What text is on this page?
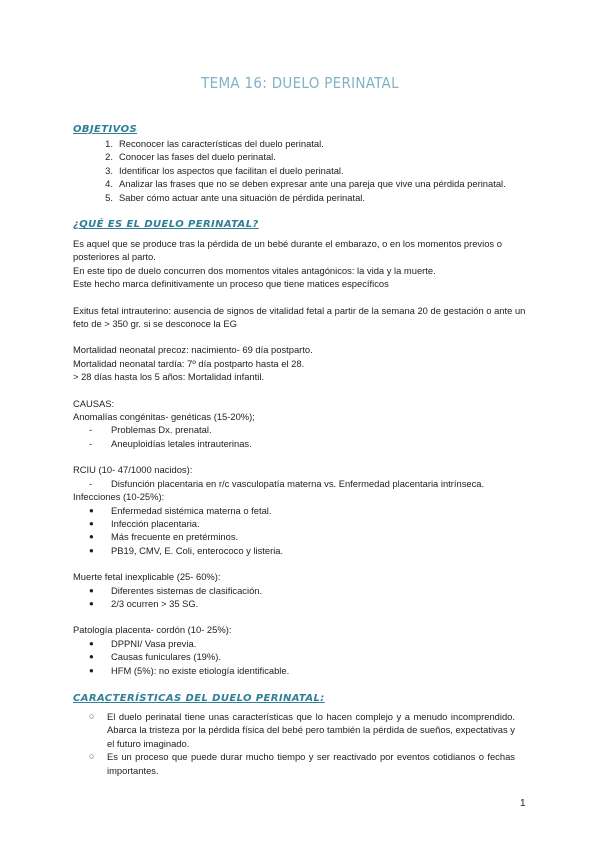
TEMA 16: DUELO PERINATAL
OBJETIVOS
1. Reconocer las características del duelo perinatal.
2. Conocer las fases del duelo perinatal.
3. Identificar los aspectos que facilitan el duelo perinatal.
4. Analizar las frases que no se deben expresar ante una pareja que vive una pérdida perinatal.
5. Saber cómo actuar ante una situación de pérdida perinatal.
¿QUÉ ES EL DUELO PERINATAL?

Es aquel que se produce tras la pérdida de un bebé durante el embarazo, o en los momentos previos o posteriores al parto.

En este tipo de duelo concurren dos momentos vitales antagónicos: la vida y la muerte.

Este hecho marca definitivamente un proceso que tiene matices específicos

Exitus fetal intrauterino: ausencia de signos de vitalidad fetal a partir de la semana 20 de gestación o ante un feto de > 350 gr. si se desconoce la EG

Mortalidad neonatal precoz: nacimiento- 69 día postparto.

Mortalidad neonatal tardía: 7º día postparto hasta el 28.

> 28 días hasta los 5 años: Mortalidad infantil.

CAUSAS:

Anomalías congénitas- genéticas (15-20%);

-	Problemas Dx. prenatal.
-	Aneuploidías letales intrauterinas.

RCIU (10- 47/1000 nacidos):

-	Disfunción placentaria en r/c vasculopatía materna vs. Enfermedad placentaria intrínseca.

Infecciones (10-25%):

●	Enfermedad sistémica materna o fetal.
●	Infección placentaria.
●	Más frecuente en pretérminos.
●	PB19, CMV, E. Coli, enterococo y listeria.

Muerte fetal inexplicable (25- 60%):

●	Diferentes sistemas de clasificación.
●	2/3 ocurren > 35 SG.

Patología placenta- cordón (10- 25%):

●	DPPNI/ Vasa previa.
●	Causas funiculares (19%).
●	HFM (5%): no existe etiología identificable.
CARACTERÍSTICAS DEL DUELO PERINATAL:
○	El duelo perinatal tiene unas características que lo hacen complejo y a menudo incomprendido. Abarca la tristeza por la pérdida física del bebé pero también la pérdida de sueños, expectativas y el futuro imaginado.
○	Es un proceso que puede durar mucho tiempo y ser reactivado por eventos cotidianos o fechas importantes.
1
